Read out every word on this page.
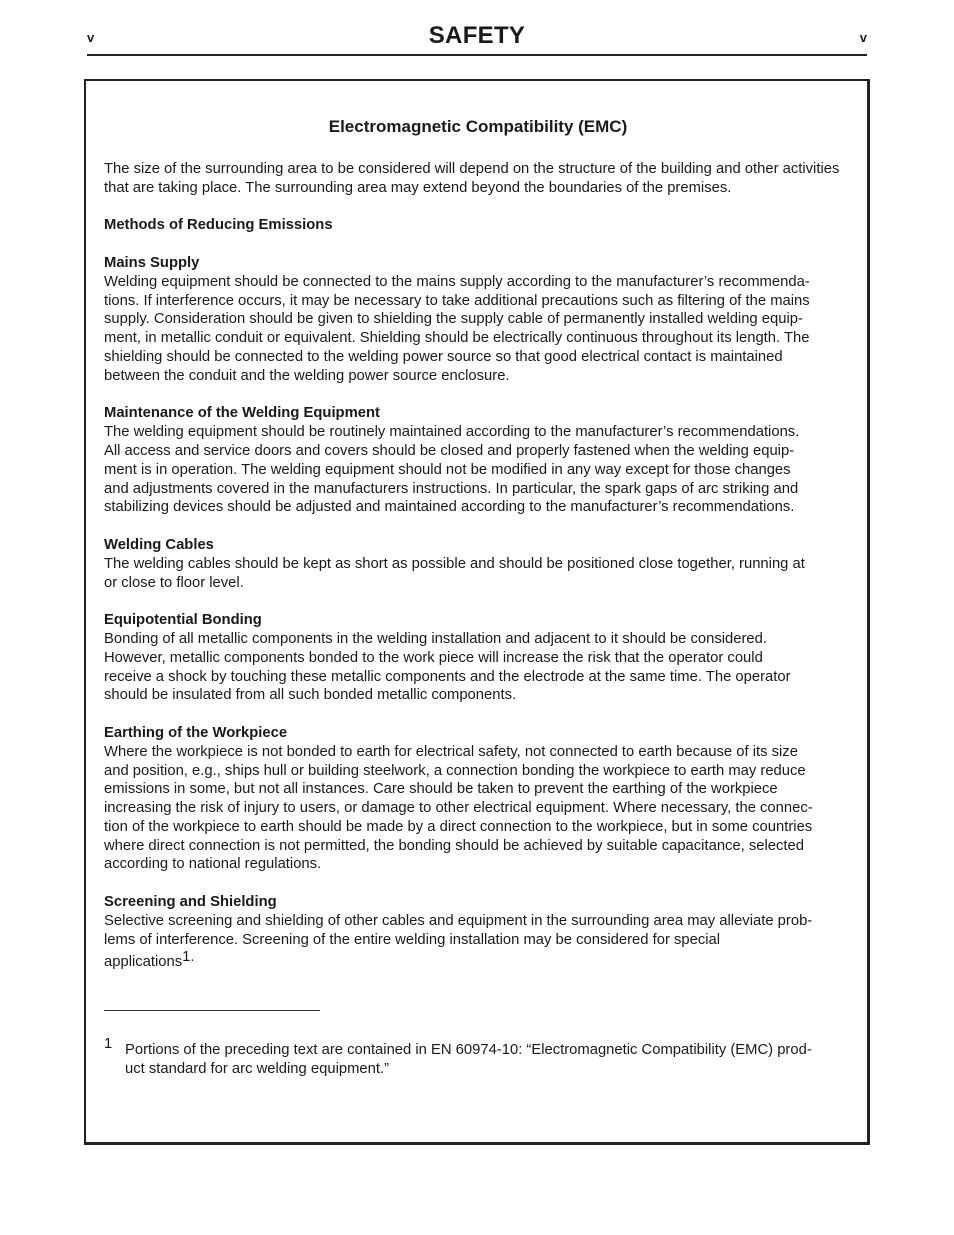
v	SAFETY	v
Electromagnetic Compatibility (EMC)

The size of the surrounding area to be considered will depend on the structure of the building and other activities that are taking place. The surrounding area may extend beyond the boundaries of the premises.

Methods of Reducing Emissions

Mains Supply
Welding equipment should be connected to the mains supply according to the manufacturer’s recommenda-
tions. If interference occurs, it may be necessary to take additional precautions such as filtering of the mains
supply. Consideration should be given to shielding the supply cable of permanently installed welding equip-
ment, in metallic conduit or equivalent. Shielding should be electrically continuous throughout its length. The
shielding should be connected to the welding power source so that good electrical contact is maintained
between the conduit and the welding power source enclosure.
Maintenance of the Welding Equipment
The welding equipment should be routinely maintained according to the manufacturer’s recommendations.
All access and service doors and covers should be closed and properly fastened when the welding equip-
ment is in operation. The welding equipment should not be modified in any way except for those changes
and adjustments covered in the manufacturers instructions. In particular, the spark gaps of arc striking and
stabilizing devices should be adjusted and maintained according to the manufacturer’s recommendations.
Welding Cables
The welding cables should be kept as short as possible and should be positioned close together, running at
or close to floor level.
Equipotential Bonding
Bonding of all metallic components in the welding installation and adjacent to it should be considered.
However, metallic components bonded to the work piece will increase the risk that the operator could
receive a shock by touching these metallic components and the electrode at the same time. The operator
should be insulated from all such bonded metallic components.
Earthing of the Workpiece
Where the workpiece is not bonded to earth for electrical safety, not connected to earth because of its size
and position, e.g., ships hull or building steelwork, a connection bonding the workpiece to earth may reduce
emissions in some, but not all instances. Care should be taken to prevent the earthing of the workpiece
increasing the risk of injury to users, or damage to other electrical equipment. Where necessary, the connec-
tion of the workpiece to earth should be made by a direct connection to the workpiece, but in some countries
where direct connection is not permitted, the bonding should be achieved by suitable capacitance, selected
according to national regulations.
Screening and Shielding
Selective screening and shielding of other cables and equipment in the surrounding area may alleviate prob-
lems of interference. Screening of the entire welding installation may be considered for special
applications1.
1 Portions of the preceding text are contained in EN 60974-10: “Electromagnetic Compatibility (EMC) prod-
uct standard for arc welding equipment.”
